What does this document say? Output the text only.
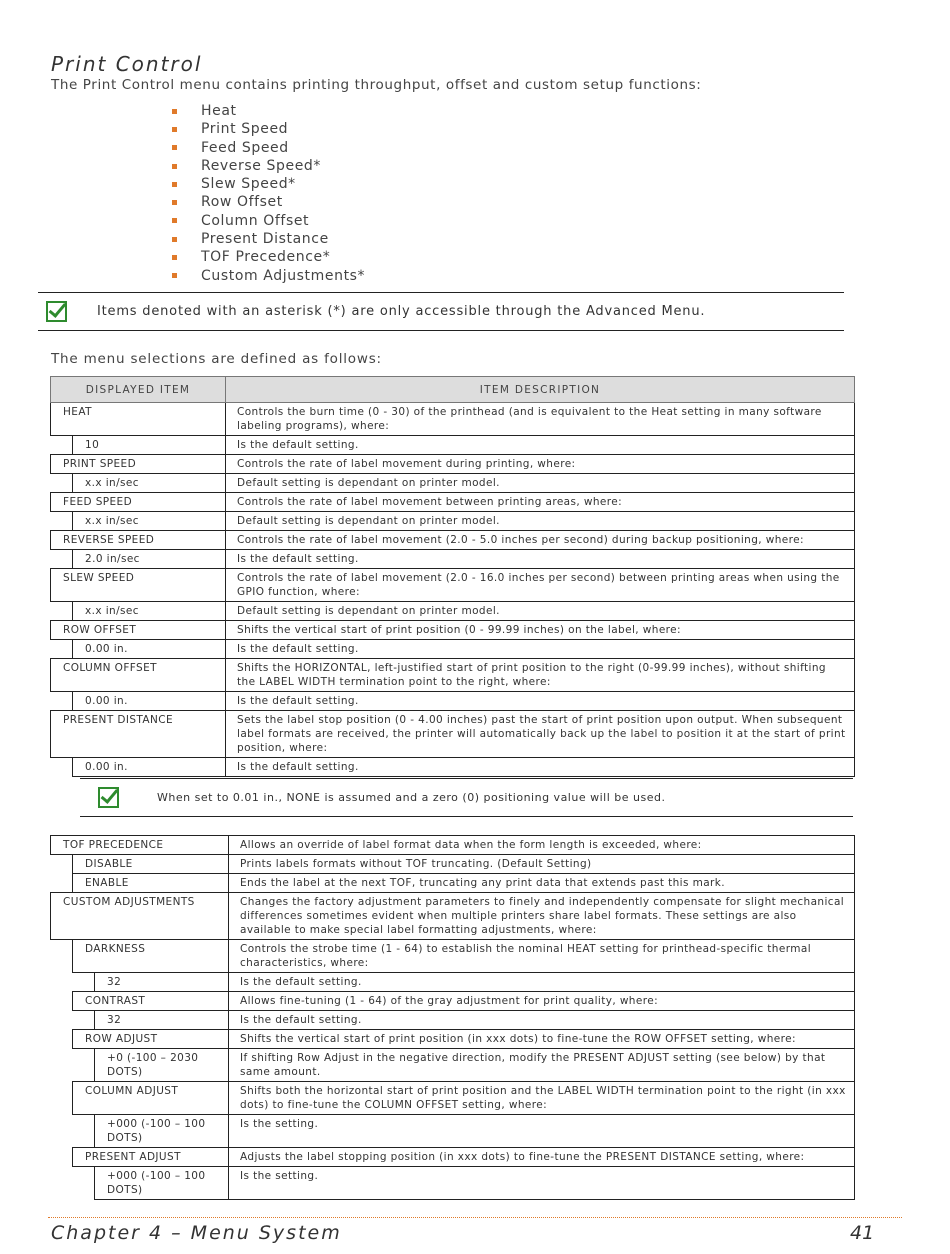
Print Control
The Print Control menu contains printing throughput, offset and custom setup functions:
Heat
Print Speed
Feed Speed
Reverse Speed*
Slew Speed*
Row Offset
Column Offset
Present Distance
TOF Precedence*
Custom Adjustments*
Items denoted with an asterisk (*) are only accessible through the Advanced Menu.
The menu selections are defined as follows:
DISPLAYED ITEM		ITEM DESCRIPTION
HEAT		Controls the burn time (0 - 30) of the printhead (and is equivalent to the Heat setting in many software labeling programs), where:
	10	Is the default setting.
PRINT SPEED		Controls the rate of label movement during printing, where:
	x.x in/sec	Default setting is dependant on printer model.
FEED SPEED		Controls the rate of label movement between printing areas, where:
	x.x in/sec	Default setting is dependant on printer model.
REVERSE SPEED		Controls the rate of label movement (2.0 - 5.0 inches per second) during backup positioning, where:
	2.0 in/sec	Is the default setting.
SLEW SPEED		Controls the rate of label movement (2.0 - 16.0 inches per second) between printing areas when using the GPIO function, where:
	x.x in/sec	Default setting is dependant on printer model.
ROW OFFSET		Shifts the vertical start of print position (0 - 99.99 inches) on the label, where:
	0.00 in.	Is the default setting.
COLUMN OFFSET		Shifts the HORIZONTAL, left-justified start of print position to the right (0-99.99 inches), without shifting the LABEL WIDTH termination point to the right, where:
	0.00 in.	Is the default setting.
PRESENT DISTANCE		Sets the label stop position (0 - 4.00 inches) past the start of print position upon output. When subsequent label formats are received, the printer will automatically back up the label to position it at the start of print position, where:
	0.00 in.	Is the default setting.
When set to 0.01 in., NONE is assumed and a zero (0) positioning value will be used.
TOF PRECEDENCE			Allows an override of label format data when the form length is exceeded, where:
	DISABLE		Prints labels formats without TOF truncating. (Default Setting)
	ENABLE		Ends the label at the next TOF, truncating any print data that extends past this mark.
CUSTOM ADJUSTMENTS			Changes the factory adjustment parameters to finely and independently compensate for slight mechanical differences sometimes evident when multiple printers share label formats. These settings are also available to make special label formatting adjustments, where:
	DARKNESS		Controls the strobe time (1 - 64) to establish the nominal HEAT setting for printhead-specific thermal characteristics, where:
		32	Is the default setting.
	CONTRAST		Allows fine-tuning (1 - 64) of the gray adjustment for print quality, where:
		32	Is the default setting.
	ROW ADJUST		Shifts the vertical start of print position (in xxx dots) to fine-tune the ROW OFFSET setting, where:
		+0 (-100 – 2030 DOTS)	If shifting Row Adjust in the negative direction, modify the PRESENT ADJUST setting (see below) by that same amount.
	COLUMN ADJUST		Shifts both the horizontal start of print position and the LABEL WIDTH termination point to the right (in xxx dots) to fine-tune the COLUMN OFFSET setting, where:
		+000 (-100 – 100 DOTS)	Is the setting.
	PRESENT ADJUST		Adjusts the label stopping position (in xxx dots) to fine-tune the PRESENT DISTANCE setting, where:
		+000 (-100 – 100 DOTS)	Is the setting.
Chapter 4 – Menu System	41
